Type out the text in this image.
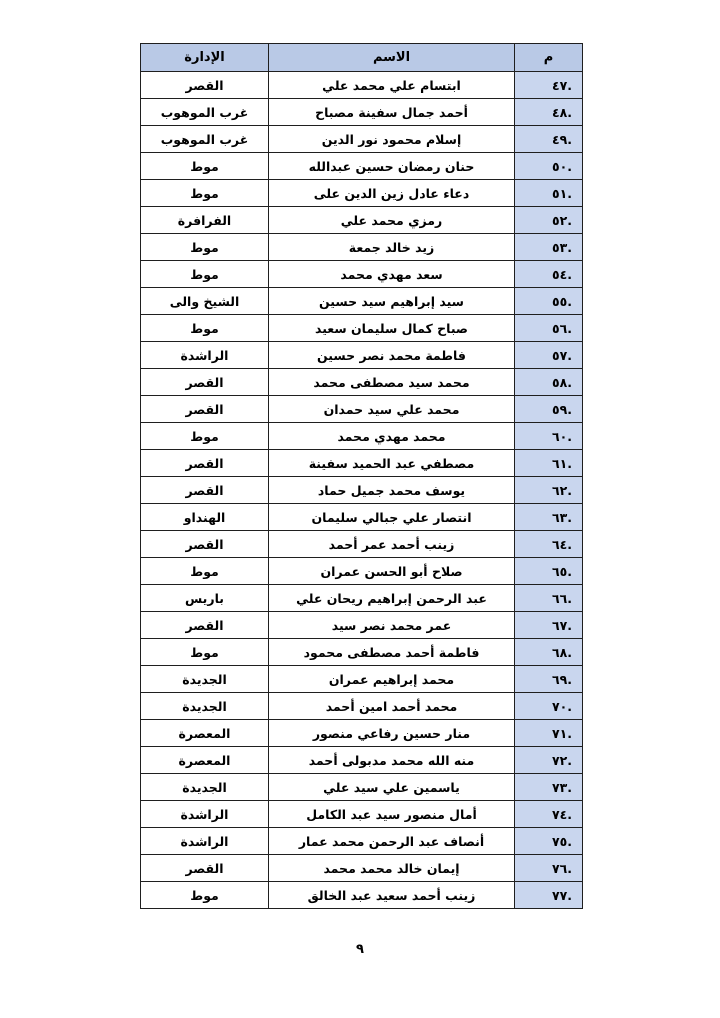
م	الاسم	الإدارة
.٤٧	ابتسام علي محمد علي	القصر
.٤٨	أحمد جمال سفينة مصباح	غرب الموهوب
.٤٩	إسلام محمود نور الدين	غرب الموهوب
.٥٠	حنان رمضان حسين عبدالله	موط
.٥١	دعاء عادل زين الدين على	موط
.٥٢	رمزي محمد علي	الفرافرة
.٥٣	زيد خالد جمعة	موط
.٥٤	سعد مهدي محمد	موط
.٥٥	سيد إبراهيم سيد حسين	الشيخ والى
.٥٦	صباح كمال سليمان سعيد	موط
.٥٧	فاطمة محمد نصر حسين	الراشدة
.٥٨	محمد سيد مصطفى محمد	القصر
.٥٩	محمد علي سيد حمدان	القصر
.٦٠	محمد مهدي محمد	موط
.٦١	مصطفي عبد الحميد سفينة	القصر
.٦٢	يوسف محمد جميل حماد	القصر
.٦٣	انتصار علي جبالي سليمان	الهنداو
.٦٤	زينب أحمد عمر أحمد	القصر
.٦٥	صلاح أبو الحسن عمران	موط
.٦٦	عبد الرحمن إبراهيم ريحان علي	باريس
.٦٧	عمر محمد نصر سيد	القصر
.٦٨	فاطمة أحمد مصطفى محمود	موط
.٦٩	محمد إبراهيم عمران	الجديدة
.٧٠	محمد أحمد امين أحمد	الجديدة
.٧١	منار حسين رفاعي منصور	المعصرة
.٧٢	منه الله محمد مدبولى أحمد	المعصرة
.٧٣	ياسمين علي سيد علي	الجديدة
.٧٤	أمال منصور سيد عبد الكامل	الراشدة
.٧٥	أنصاف عبد الرحمن محمد عمار	الراشدة
.٧٦	إيمان خالد محمد محمد	القصر
.٧٧	زينب أحمد سعيد عبد الخالق	موط
٩
